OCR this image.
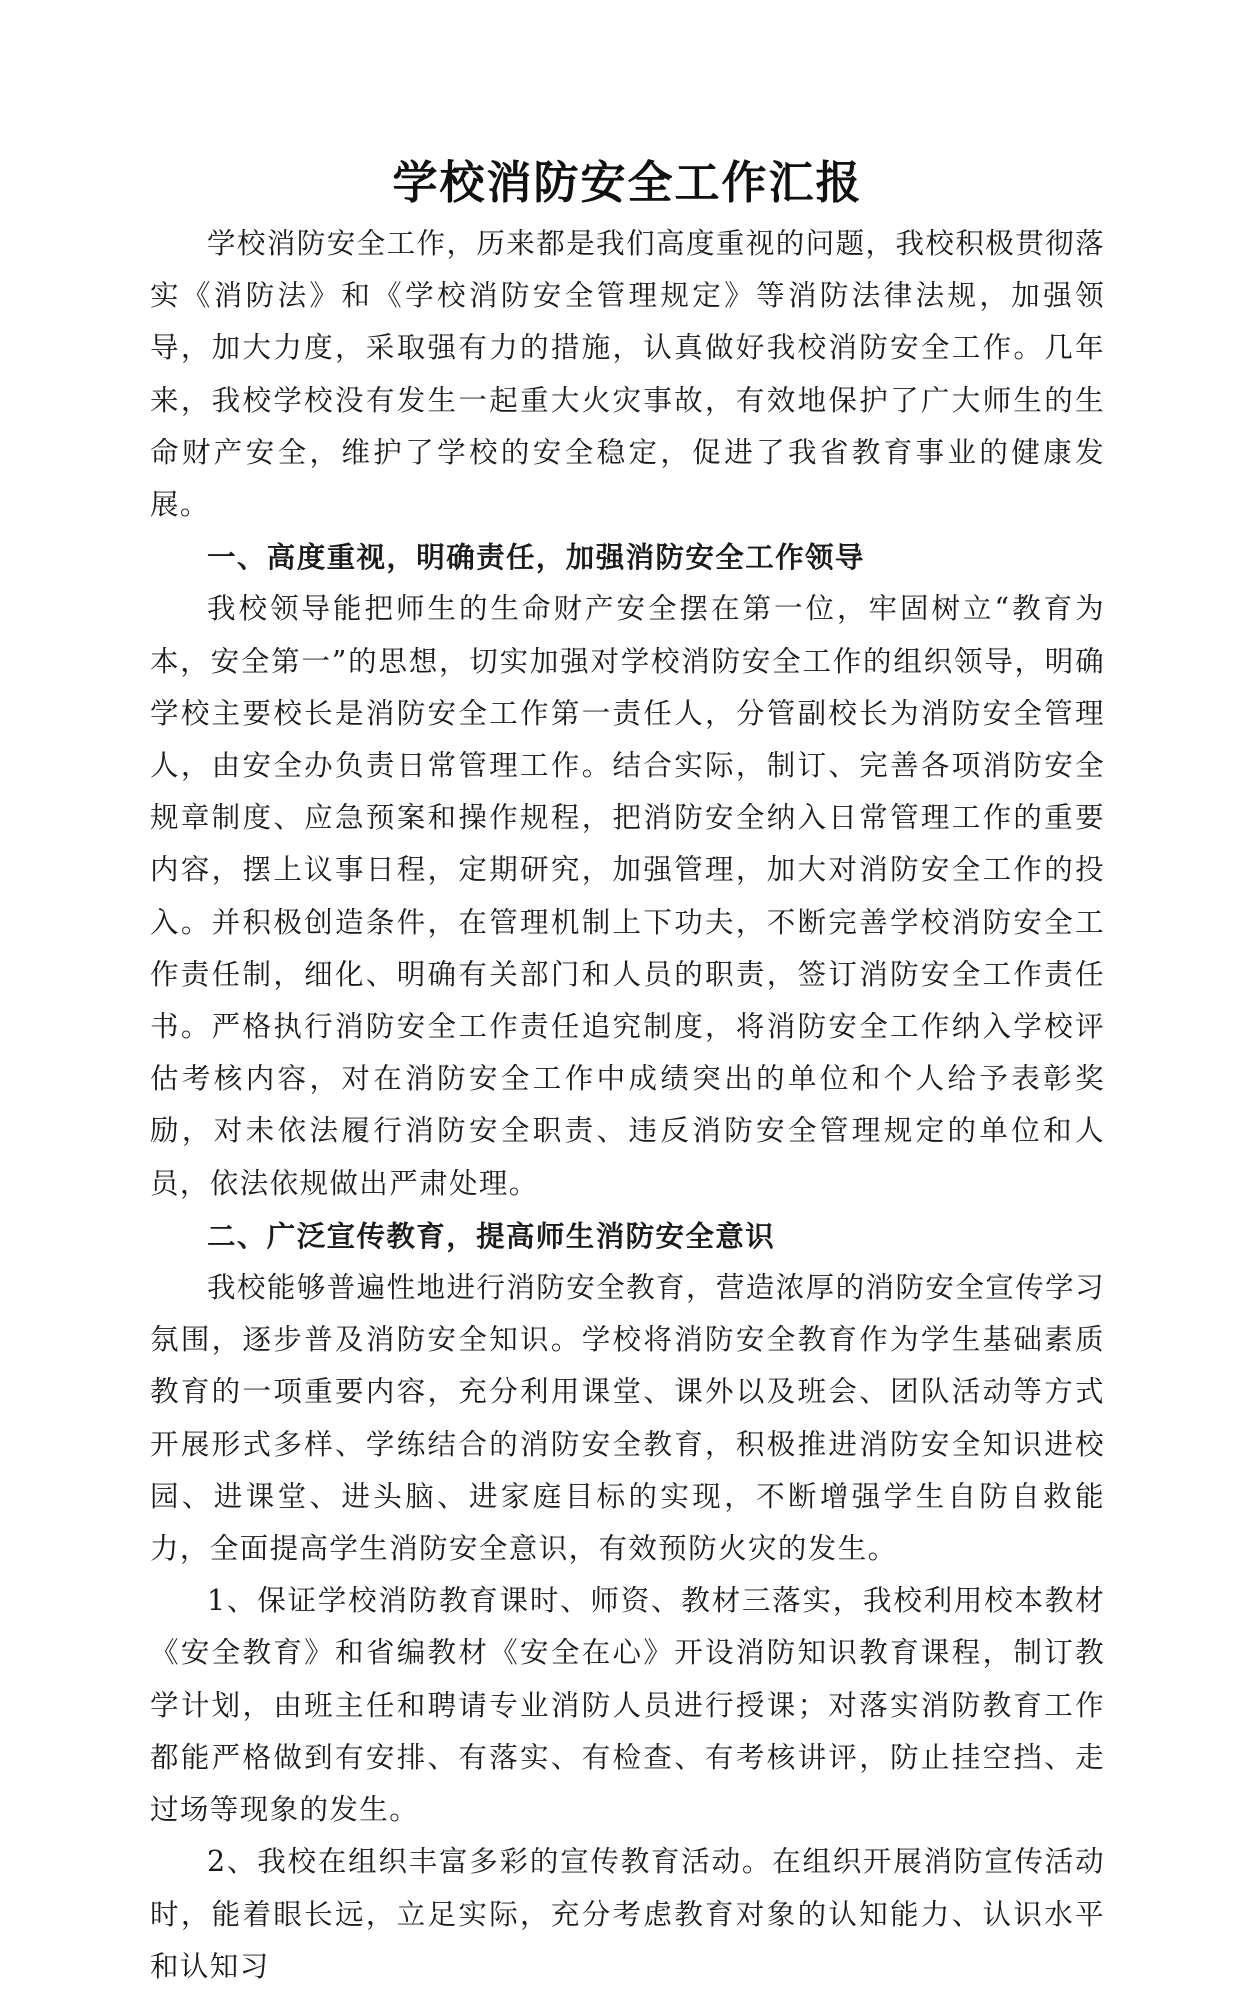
学校消防安全工作汇报

学校消防安全工作，历来都是我们高度重视的问题，我校积极贯彻落实《消防法》和《学校消防安全管理规定》等消防法律法规，加强领导，加大力度，采取强有力的措施，认真做好我校消防安全工作。几年来，我校学校没有发生一起重大火灾事故，有效地保护了广大师生的生命财产安全，维护了学校的安全稳定，促进了我省教育事业的健康发展。

一、高度重视，明确责任，加强消防安全工作领导

我校领导能把师生的生命财产安全摆在第一位，牢固树立“教育为本，安全第一”的思想，切实加强对学校消防安全工作的组织领导，明确学校主要校长是消防安全工作第一责任人，分管副校长为消防安全管理人，由安全办负责日常管理工作。结合实际，制订、完善各项消防安全规章制度、应急预案和操作规程，把消防安全纳入日常管理工作的重要内容，摆上议事日程，定期研究，加强管理，加大对消防安全工作的投入。并积极创造条件，在管理机制上下功夫，不断完善学校消防安全工作责任制，细化、明确有关部门和人员的职责，签订消防安全工作责任书。严格执行消防安全工作责任追究制度，将消防安全工作纳入学校评估考核内容，对在消防安全工作中成绩突出的单位和个人给予表彰奖励，对未依法履行消防安全职责、违反消防安全管理规定的单位和人员，依法依规做出严肃处理。

二、广泛宣传教育，提高师生消防安全意识

我校能够普遍性地进行消防安全教育，营造浓厚的消防安全宣传学习氛围，逐步普及消防安全知识。学校将消防安全教育作为学生基础素质教育的一项重要内容，充分利用课堂、课外以及班会、团队活动等方式开展形式多样、学练结合的消防安全教育，积极推进消防安全知识进校园、进课堂、进头脑、进家庭目标的实现，不断增强学生自防自救能力，全面提高学生消防安全意识，有效预防火灾的发生。

1、保证学校消防教育课时、师资、教材三落实，我校利用校本教材《安全教育》和省编教材《安全在心》开设消防知识教育课程，制订教学计划，由班主任和聘请专业消防人员进行授课；对落实消防教育工作都能严格做到有安排、有落实、有检查、有考核讲评，防止挂空挡、走过场等现象的发生。

2、我校在组织丰富多彩的宣传教育活动。在组织开展消防宣传活动时，能着眼长远，立足实际，充分考虑教育对象的认知能力、认识水平和认知习
